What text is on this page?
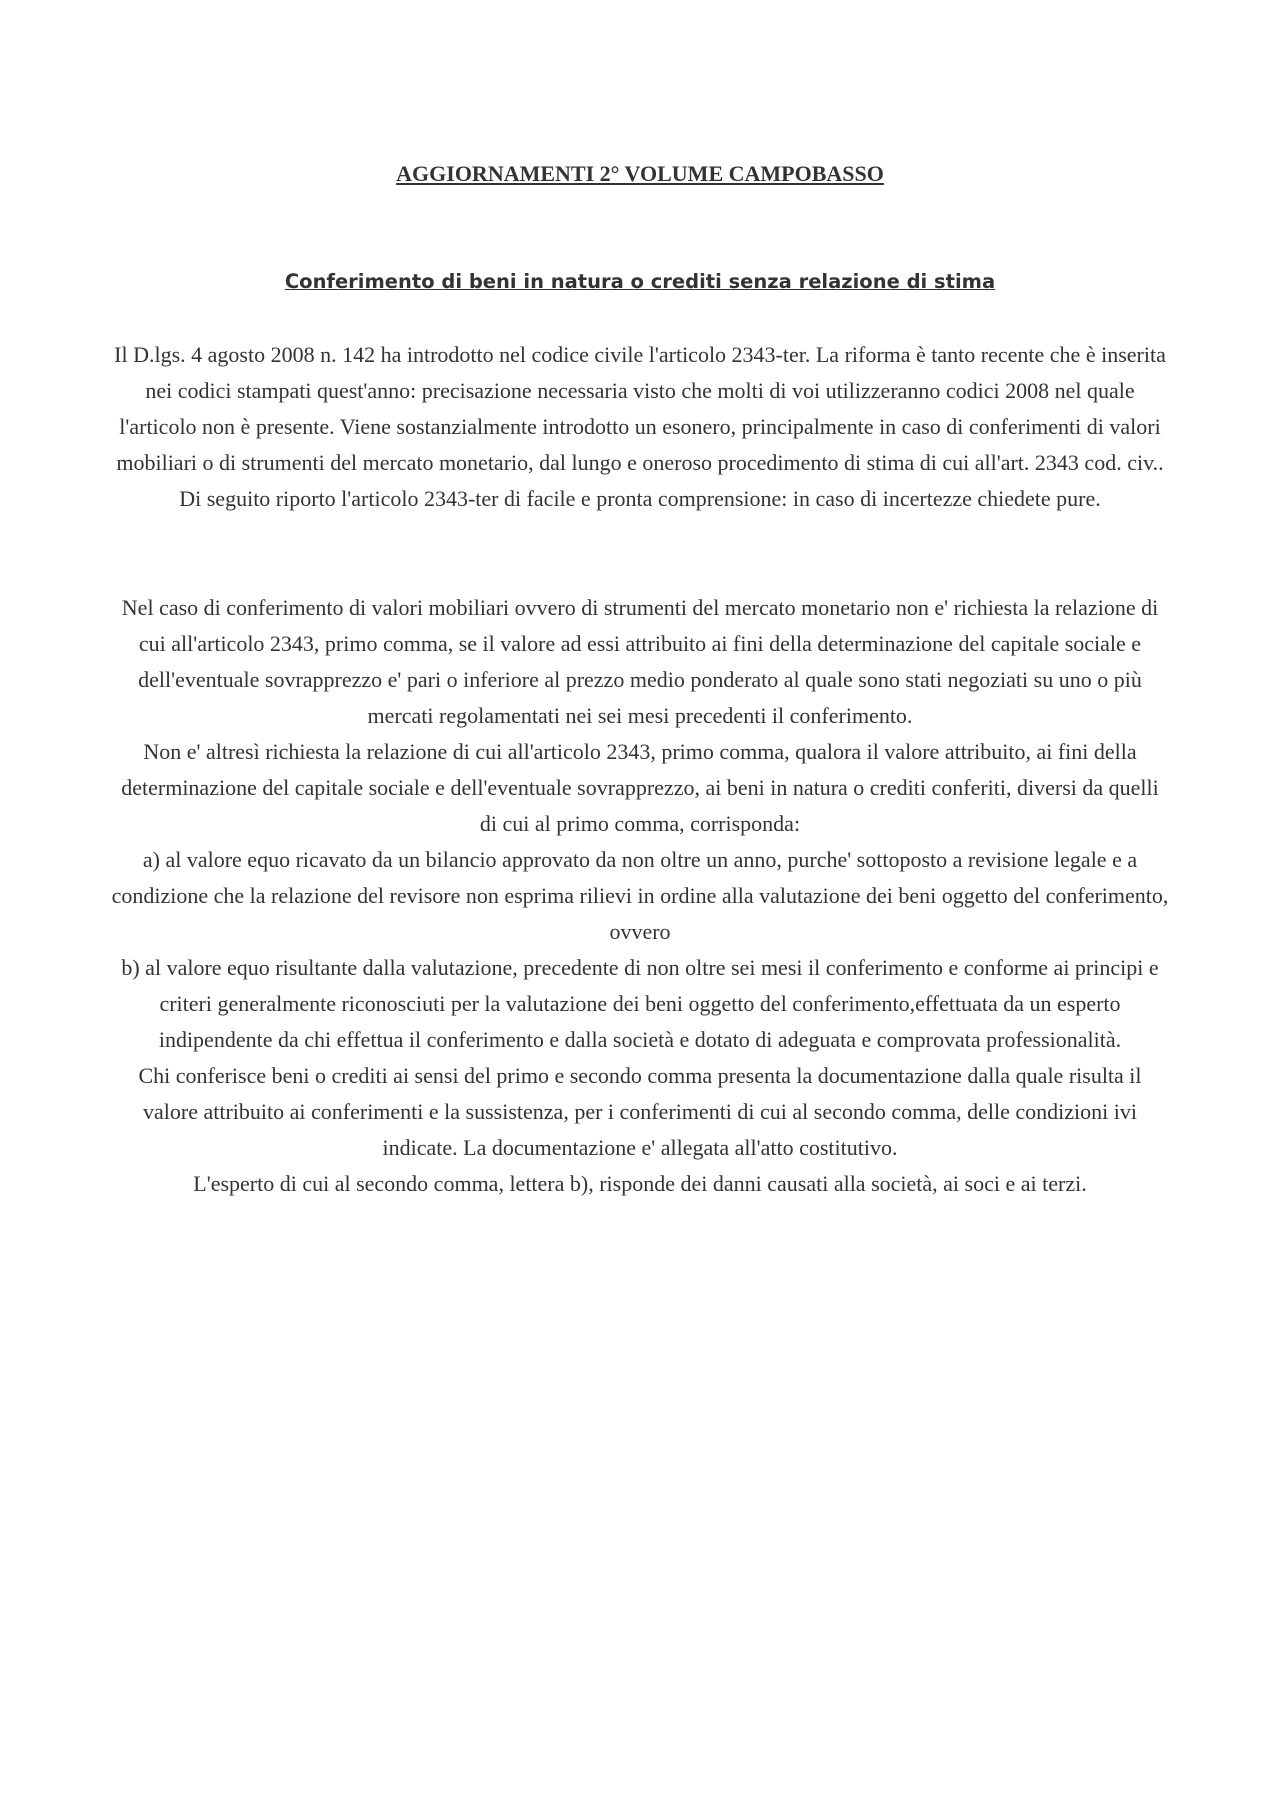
AGGIORNAMENTI 2° VOLUME CAMPOBASSO
Conferimento di beni in natura o crediti senza relazione di stima

Il D.lgs. 4 agosto 2008 n. 142 ha introdotto nel codice civile l'articolo 2343-ter. La riforma è tanto recente che è inserita nei codici stampati quest'anno: precisazione necessaria visto che molti di voi utilizzeranno codici 2008 nel quale l'articolo non è presente. Viene sostanzialmente introdotto un esonero, principalmente in caso di conferimenti di valori mobiliari o di strumenti del mercato monetario, dal lungo e oneroso procedimento di stima di cui all'art. 2343 cod. civ.. Di seguito riporto l'articolo 2343-ter di facile e pronta comprensione: in caso di incertezze chiedete pure.

Nel caso di conferimento di valori mobiliari ovvero di strumenti del mercato monetario non e' richiesta la relazione di cui all'articolo 2343, primo comma, se il valore ad essi attribuito ai fini della determinazione del capitale sociale e dell'eventuale sovrapprezzo e' pari o inferiore al prezzo medio ponderato al quale sono stati negoziati su uno o più mercati regolamentati nei sei mesi precedenti il conferimento.

Non e' altresì richiesta la relazione di cui all'articolo 2343, primo comma, qualora il valore attribuito, ai fini della determinazione del capitale sociale e dell'eventuale sovrapprezzo, ai beni in natura o crediti conferiti, diversi da quelli di cui al primo comma, corrisponda:

a) al valore equo ricavato da un bilancio approvato da non oltre un anno, purche' sottoposto a revisione legale e a condizione che la relazione del revisore non esprima rilievi in ordine alla valutazione dei beni oggetto del conferimento, ovvero

b) al valore equo risultante dalla valutazione, precedente di non oltre sei mesi il conferimento e conforme ai principi e criteri generalmente riconosciuti per la valutazione dei beni oggetto del conferimento,effettuata da un esperto indipendente da chi effettua il conferimento e dalla società e dotato di adeguata e comprovata professionalità.

Chi conferisce beni o crediti ai sensi del primo e secondo comma presenta la documentazione dalla quale risulta il valore attribuito ai conferimenti e la sussistenza, per i conferimenti di cui al secondo comma, delle condizioni ivi indicate. La documentazione e' allegata all'atto costitutivo.

L'esperto di cui al secondo comma, lettera b), risponde dei danni causati alla società, ai soci e ai terzi.
